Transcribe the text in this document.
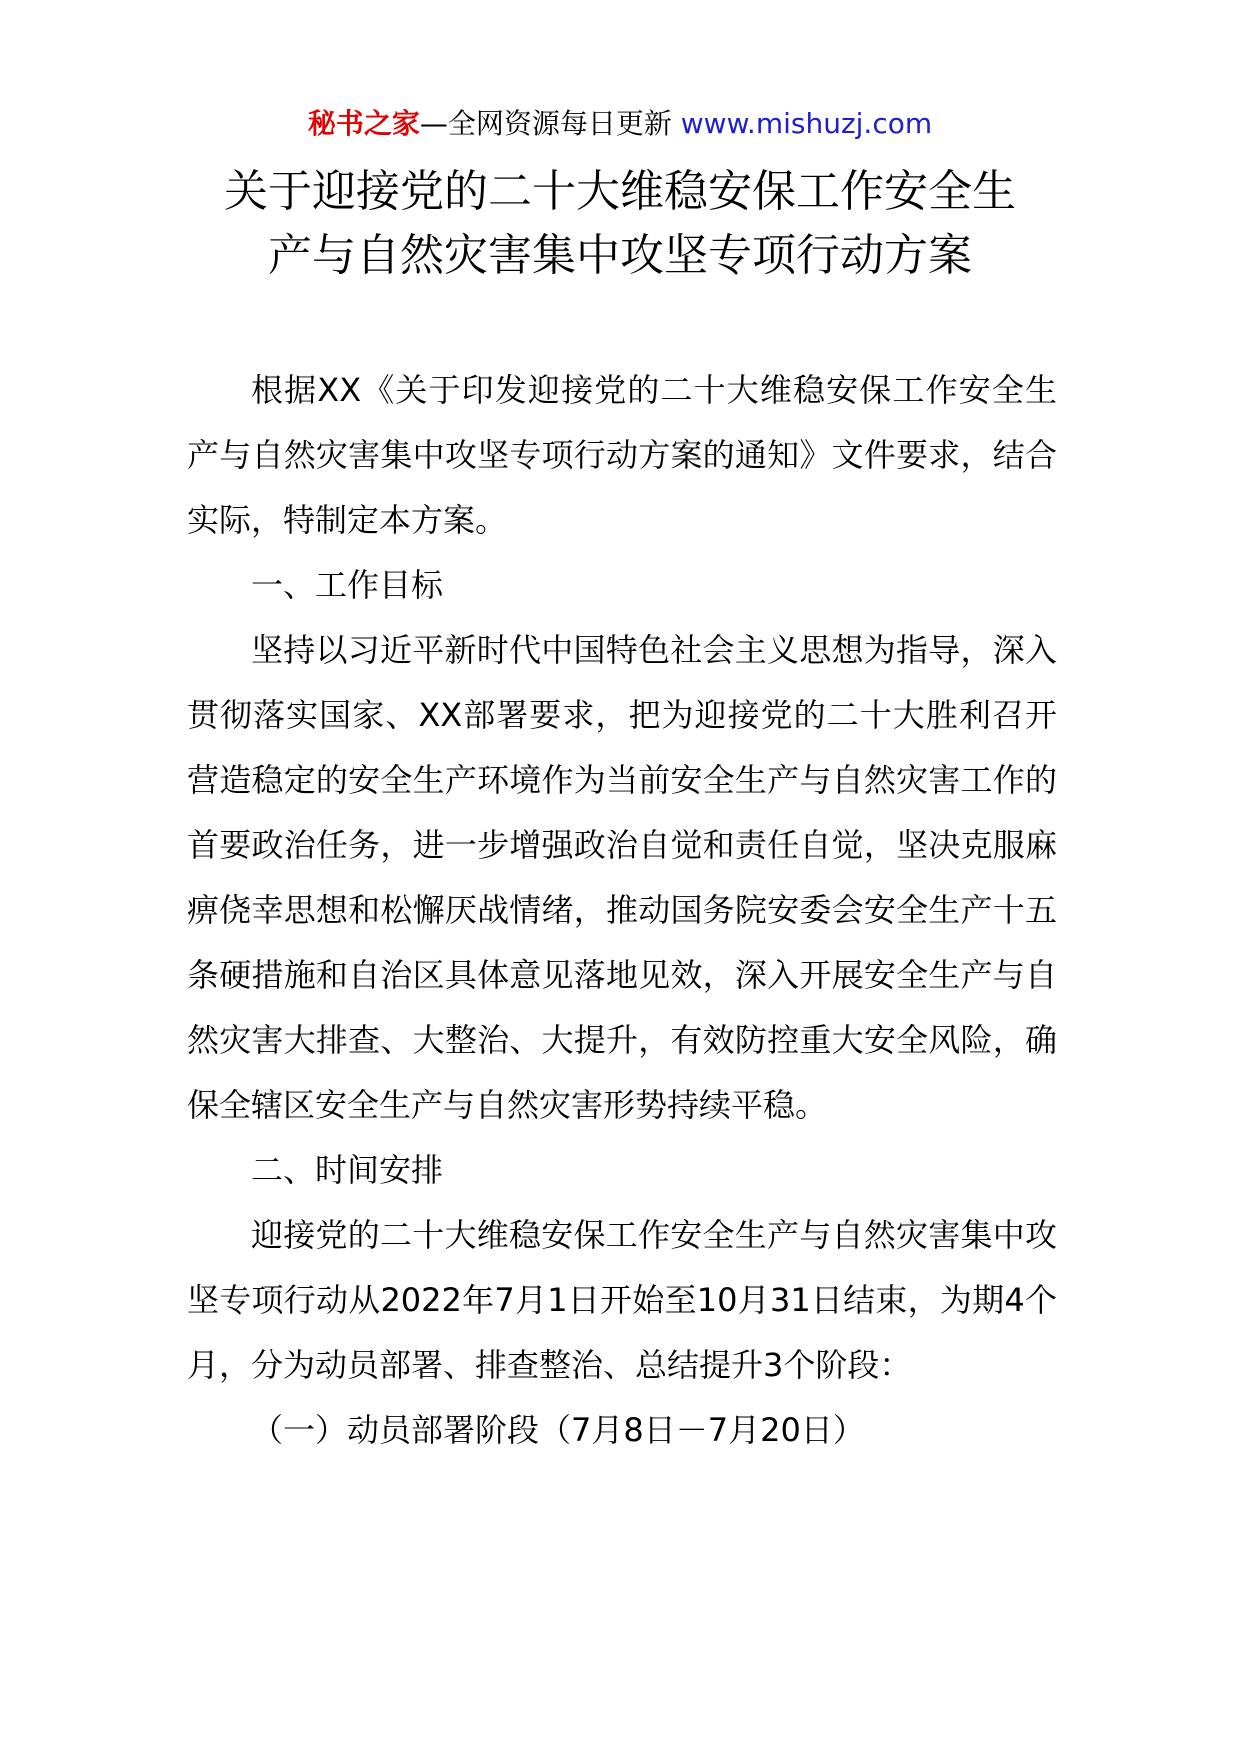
秘书之家—全网资源每日更新 www.mishuzj.com
关于迎接党的二十大维稳安保工作安全生
产与自然灾害集中攻坚专项行动方案

根据XX《关于印发迎接党的二十大维稳安保工作安全生产与自然灾害集中攻坚专项行动方案的通知》文件要求，结合实际，特制定本方案。

一、工作目标

坚持以习近平新时代中国特色社会主义思想为指导，深入贯彻落实国家、XX部署要求，把为迎接党的二十大胜利召开营造稳定的安全生产环境作为当前安全生产与自然灾害工作的首要政治任务，进一步增强政治自觉和责任自觉，坚决克服麻痹侥幸思想和松懈厌战情绪，推动国务院安委会安全生产十五条硬措施和自治区具体意见落地见效，深入开展安全生产与自然灾害大排查、大整治、大提升，有效防控重大安全风险，确保全辖区安全生产与自然灾害形势持续平稳。

二、时间安排

迎接党的二十大维稳安保工作安全生产与自然灾害集中攻坚专项行动从2022年7月1日开始至10月31日结束，为期4个月，分为动员部署、排查整治、总结提升3个阶段：

（一）动员部署阶段（7月8日－7月20日）
